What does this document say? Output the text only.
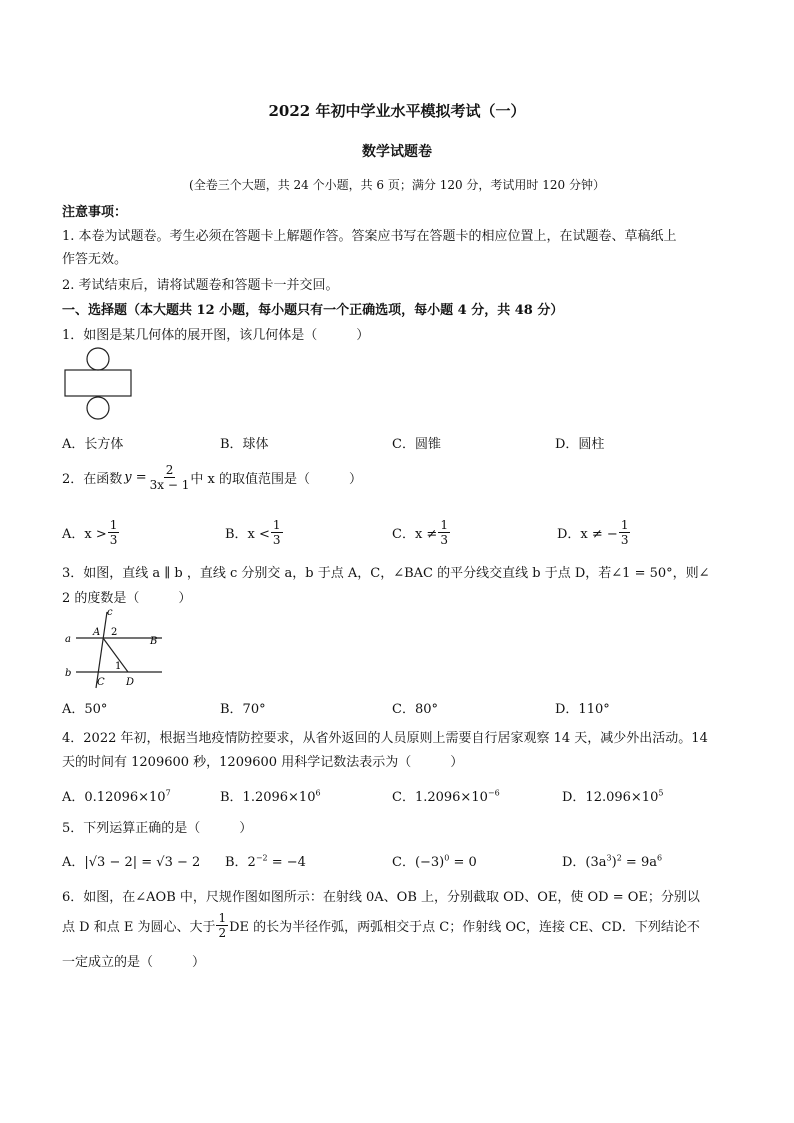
2022 年初中学业水平模拟考试（一）
数学试题卷
(全卷三个大题，共 24 个小题，共 6 页；满分 120 分，考试用时 120 分钟）
注意事项：
1. 本卷为试题卷。考生必须在答题卡上解题作答。答案应书写在答题卡的相应位置上，在试题卷、草稿纸上
作答无效。
2. 考试结束后，请将试题卷和答题卡一并交回。
一、选择题（本大题共 12 小题，每小题只有一个正确选项，每小题 4 分，共 48 分）
1．如图是某几何体的展开图，该几何体是（　　　）
A．长方体	B．球体	C．圆锥	D．圆柱
2．在函数 $y = \frac{2}{3x - 1}$ 中 x 的取值范围是（　　　）
A．$x > \frac{1}{3}$	B．$x < \frac{1}{3}$	C．$x \ne \frac{1}{3}$	D．x ≠ − $\frac{1}{3}$
3．如图，直线 a ∥ b ，直线 c 分别交 a，b 于点 A，C，∠BAC 的平分线交直线 b 于点 D，若∠1 = 50°，则∠
2 的度数是（　　　）
c
a
A 2
B
b
1
C D
A．50°	B．70°	C．80°	D．110°
4．2022 年初，根据当地疫情防控要求，从省外返回的人员原则上需要自行居家观察 14 天，减少外出活动。14
天的时间有 1209600 秒，1209600 用科学记数法表示为（　　　）
A．$0.12096\times 10^7$	B．$1.2096\times 10^6$	C．$1.2096\times 10^{-6}$	D．$12.096\times 10^5$
5．下列运算正确的是（　　　）
A．|√3 − 2| = √3 − 2 B．$2^{-2} = -4$	C．$(-3)^0 = 0$	D．$(3a^3)^2 = 9a^6$
6．如图，在∠AOB 中，尺规作图如图所示：在射线 0A、OB 上，分别截取 OD、OE，使 OD = OE；分别以
点 D 和点 E 为圆心、大于 $\frac{1}{2}$ DE 的长为半径作弧，两弧相交于点 C；作射线 OC，连接 CE、CD．下列结论不
一定成立的是（　　　）
